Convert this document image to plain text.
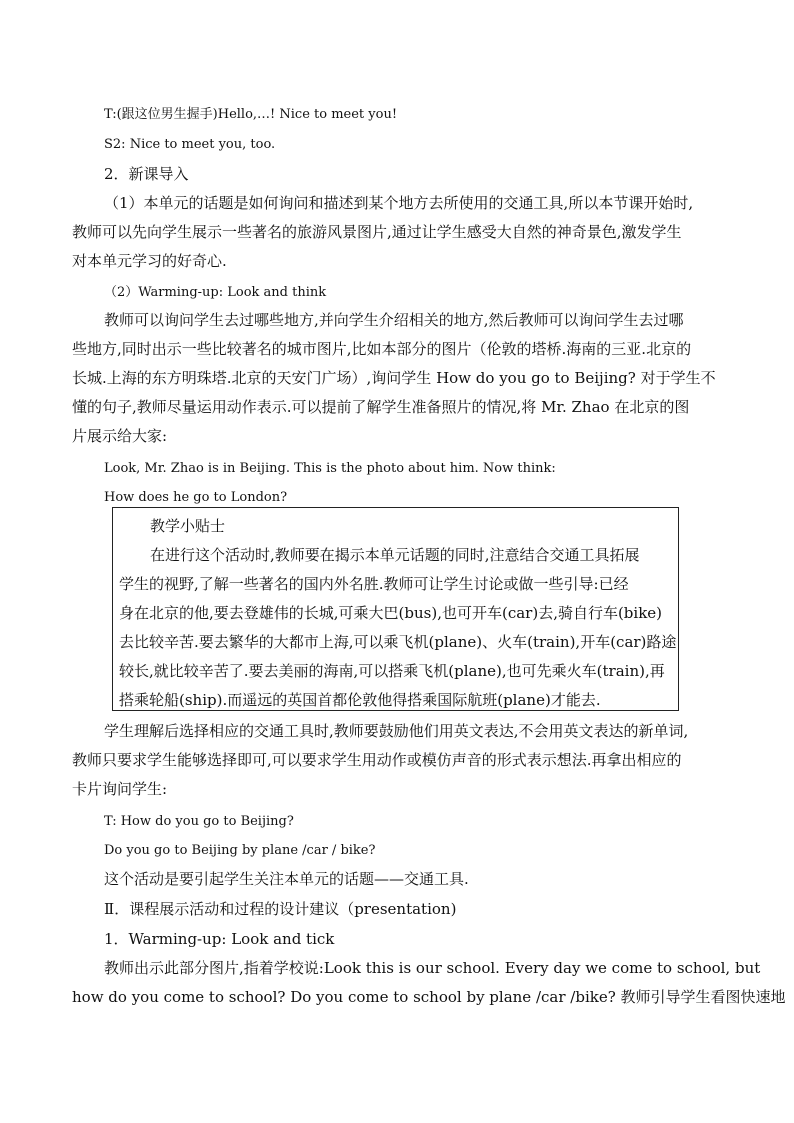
T:(跟这位男生握手)Hello,…! Nice to meet you!
S2: Nice to meet you, too.
2．新课导入
（1）本单元的话题是如何询问和描述到某个地方去所使用的交通工具,所以本节课开始时,
教师可以先向学生展示一些著名的旅游风景图片,通过让学生感受大自然的神奇景色,激发学生
对本单元学习的好奇心.
（2）Warming-up: Look and think
教师可以询问学生去过哪些地方,并向学生介绍相关的地方,然后教师可以询问学生去过哪
些地方,同时出示一些比较著名的城市图片,比如本部分的图片（伦敦的塔桥.海南的三亚.北京的
长城.上海的东方明珠塔.北京的天安门广场）,询问学生 How do you go to Beijing? 对于学生不
懂的句子,教师尽量运用动作表示.可以提前了解学生准备照片的情况,将 Mr. Zhao 在北京的图
片展示给大家:
Look, Mr. Zhao is in Beijing. This is the photo about him. Now think:
How does he go to London?
教学小贴士
在进行这个活动时,教师要在揭示本单元话题的同时,注意结合交通工具拓展
学生的视野,了解一些著名的国内外名胜.教师可让学生讨论或做一些引导:已经
身在北京的他,要去登雄伟的长城,可乘大巴(bus),也可开车(car)去,骑自行车(bike)
去比较辛苦.要去繁华的大都市上海,可以乘飞机(plane)、火车(train),开车(car)路途
较长,就比较辛苦了.要去美丽的海南,可以搭乘飞机(plane),也可先乘火车(train),再
搭乘轮船(ship).而遥远的英国首都伦敦他得搭乘国际航班(plane)才能去.
学生理解后选择相应的交通工具时,教师要鼓励他们用英文表达,不会用英文表达的新单词,
教师只要求学生能够选择即可,可以要求学生用动作或模仿声音的形式表示想法.再拿出相应的
卡片询问学生:
T: How do you go to Beijing?
Do you go to Beijing by plane /car / bike?
这个活动是要引起学生关注本单元的话题——交通工具.
Ⅱ．课程展示活动和过程的设计建议（presentation)
1．Warming-up: Look and tick
教师出示此部分图片,指着学校说:Look this is our school. Every day we come to school, but
how do you come to school? Do you come to school by plane /car /bike? 教师引导学生看图快速地
